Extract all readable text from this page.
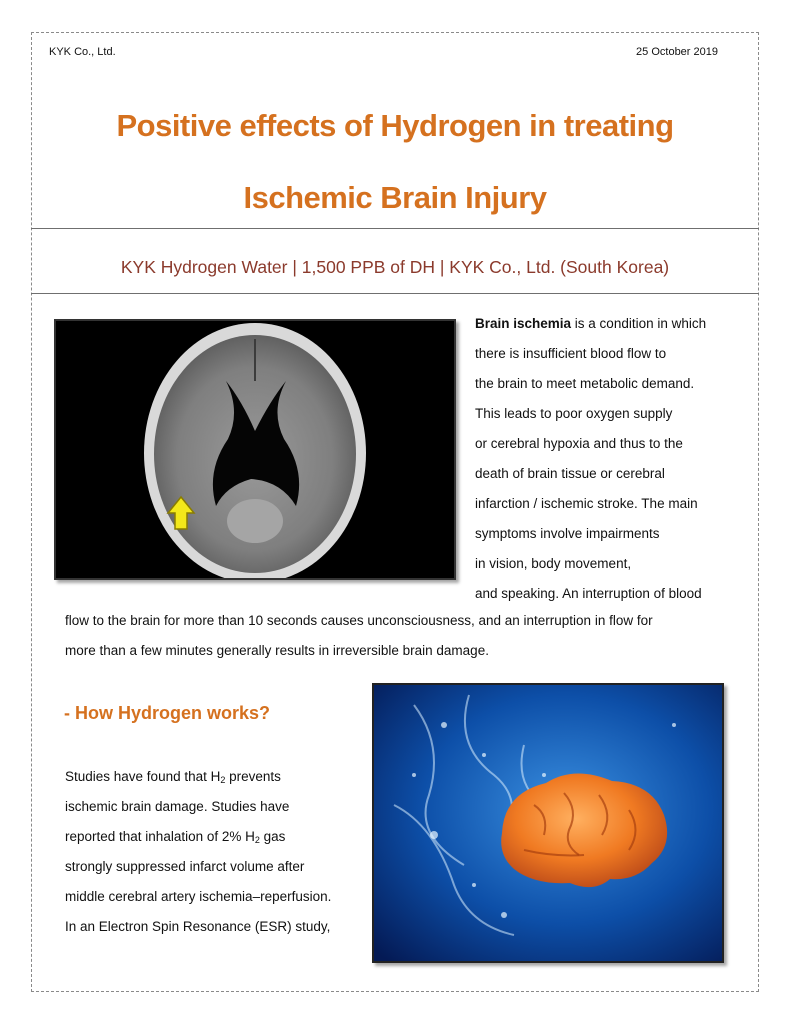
KYK Co., Ltd.	25 October 2019
Positive effects of Hydrogen in treating
Ischemic Brain Injury
KYK Hydrogen Water | 1,500 PPB of DH | KYK Co., Ltd. (South Korea)
Brain ischemia is a condition in which
there is insufficient blood flow to
the brain to meet metabolic demand.
This leads to poor oxygen supply
or cerebral hypoxia and thus to the
death of brain tissue or cerebral
infarction / ischemic stroke. The main
symptoms involve impairments
in vision, body movement,
and speaking. An interruption of blood
flow to the brain for more than 10 seconds causes unconsciousness, and an interruption in flow for
more than a few minutes generally results in irreversible brain damage.
- How Hydrogen works?
Studies have found that $H_2$ prevents
ischemic brain damage. Studies have
reported that inhalation of 2% $H_2$ gas
strongly suppressed infarct volume after
middle cerebral artery ischemia–reperfusion.
In an Electron Spin Resonance (ESR) study,
